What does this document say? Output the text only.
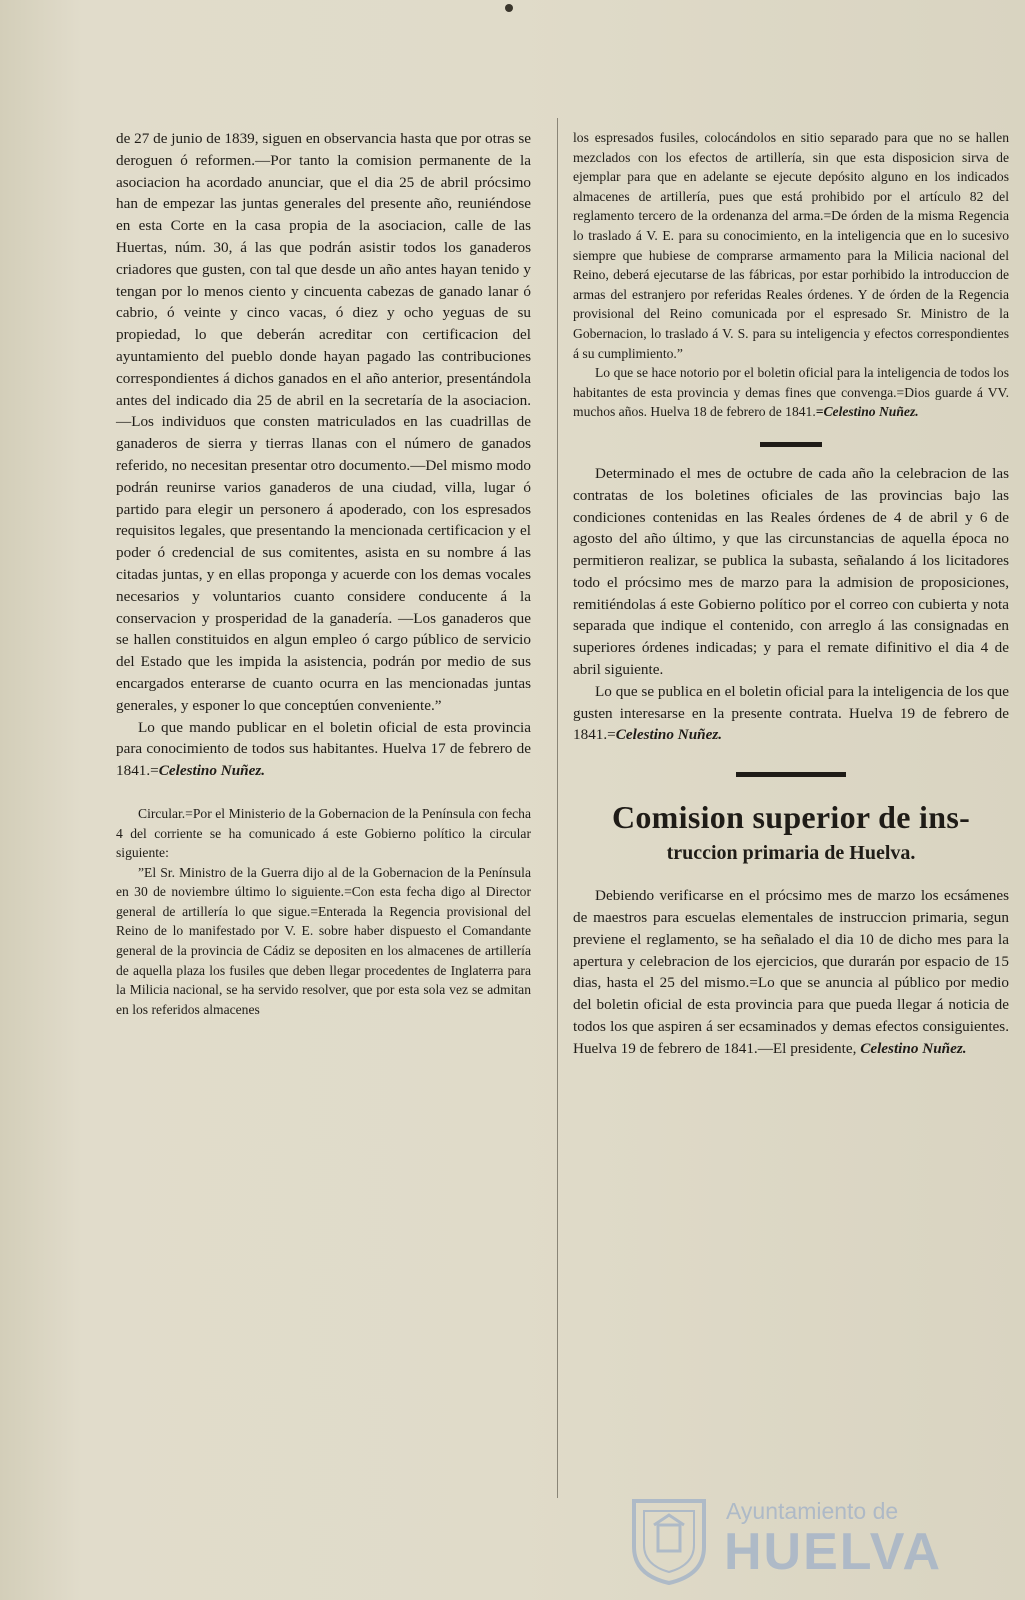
de 27 de junio de 1839, siguen en observancia hasta que por otras se deroguen ó reformen.—Por tanto la comision permanente de la asociacion ha acordado anunciar, que el dia 25 de abril prócsimo han de empezar las juntas generales del presente año, reuniéndose en esta Corte en la casa propia de la asociacion, calle de las Huertas, núm. 30, á las que podrán asistir todos los ganaderos criadores que gusten, con tal que desde un año antes hayan tenido y tengan por lo menos ciento y cincuenta cabezas de ganado lanar ó cabrio, ó veinte y cinco vacas, ó diez y ocho yeguas de su propiedad, lo que deberán acreditar con certificacion del ayuntamiento del pueblo donde hayan pagado las contribuciones correspondientes á dichos ganados en el año anterior, presentándola antes del indicado dia 25 de abril en la secretaría de la asociacion.—Los individuos que consten matriculados en las cuadrillas de ganaderos de sierra y tierras llanas con el número de ganados referido, no necesitan presentar otro documento.—Del mismo modo podrán reunirse varios ganaderos de una ciudad, villa, lugar ó partido para elegir un personero á apoderado, con los espresados requisitos legales, que presentando la mencionada certificacion y el poder ó credencial de sus comitentes, asista en su nombre á las citadas juntas, y en ellas proponga y acuerde con los demas vocales necesarios y voluntarios cuanto considere conducente á la conservacion y prosperidad de la ganadería. —Los ganaderos que se hallen constituidos en algun empleo ó cargo público de servicio del Estado que les impida la asistencia, podrán por medio de sus encargados enterarse de cuanto ocurra en las mencionadas juntas generales, y esponer lo que conceptúen conveniente.”

Lo que mando publicar en el boletin oficial de esta provincia para conocimiento de todos sus habitantes. Huelva 17 de febrero de 1841.=Celestino Nuñez.

Circular.=Por el Ministerio de la Gobernacion de la Península con fecha 4 del corriente se ha comunicado á este Gobierno político la circular siguiente:

”El Sr. Ministro de la Guerra dijo al de la Gobernacion de la Península en 30 de noviembre último lo siguiente.=Con esta fecha digo al Director general de artillería lo que sigue.=Enterada la Regencia provisional del Reino de lo manifestado por V. E. sobre haber dispuesto el Comandante general de la provincia de Cádiz se depositen en los almacenes de artillería de aquella plaza los fusiles que deben llegar procedentes de Inglaterra para la Milicia nacional, se ha servido resolver, que por esta sola vez se admitan en los referidos almacenes

los espresados fusiles, colocándolos en sitio separado para que no se hallen mezclados con los efectos de artillería, sin que esta disposicion sirva de ejemplar para que en adelante se ejecute depósito alguno en los indicados almacenes de artillería, pues que está prohibido por el artículo 82 del reglamento tercero de la ordenanza del arma.=De órden de la misma Regencia lo traslado á V. E. para su conocimiento, en la inteligencia que en lo sucesivo siempre que hubiese de comprarse armamento para la Milicia nacional del Reino, deberá ejecutarse de las fábricas, por estar porhibido la introduccion de armas del estranjero por referidas Reales órdenes. Y de órden de la Regencia provisional del Reino comunicada por el espresado Sr. Ministro de la Gobernacion, lo traslado á V. S. para su inteligencia y efectos correspondientes á su cumplimiento.”

Lo que se hace notorio por el boletin oficial para la inteligencia de todos los habitantes de esta provincia y demas fines que convenga.=Dios guarde á VV. muchos años. Huelva 18 de febrero de 1841.=Celestino Nuñez.

Determinado el mes de octubre de cada año la celebracion de las contratas de los boletines oficiales de las provincias bajo las condiciones contenidas en las Reales órdenes de 4 de abril y 6 de agosto del año último, y que las circunstancias de aquella época no permitieron realizar, se publica la subasta, señalando á los licitadores todo el prócsimo mes de marzo para la admision de proposiciones, remitiéndolas á este Gobierno político por el correo con cubierta y nota separada que indique el contenido, con arreglo á las consignadas en superiores órdenes indicadas; y para el remate difinitivo el dia 4 de abril siguiente.

Lo que se publica en el boletin oficial para la inteligencia de los que gusten interesarse en la presente contrata. Huelva 19 de febrero de 1841.=Celestino Nuñez.

Comision superior de ins-
truccion primaria de Huelva.

Debiendo verificarse en el prócsimo mes de marzo los ecsámenes de maestros para escuelas elementales de instruccion primaria, segun previene el reglamento, se ha señalado el dia 10 de dicho mes para la apertura y celebracion de los ejercicios, que durarán por espacio de 15 dias, hasta el 25 del mismo.=Lo que se anuncia al público por medio del boletin oficial de esta provincia para que pueda llegar á noticia de todos los que aspiren á ser ecsaminados y demas efectos consiguientes. Huelva 19 de febrero de 1841.—El presidente, Celestino Nuñez.

Ayuntamiento de
HUELVA
